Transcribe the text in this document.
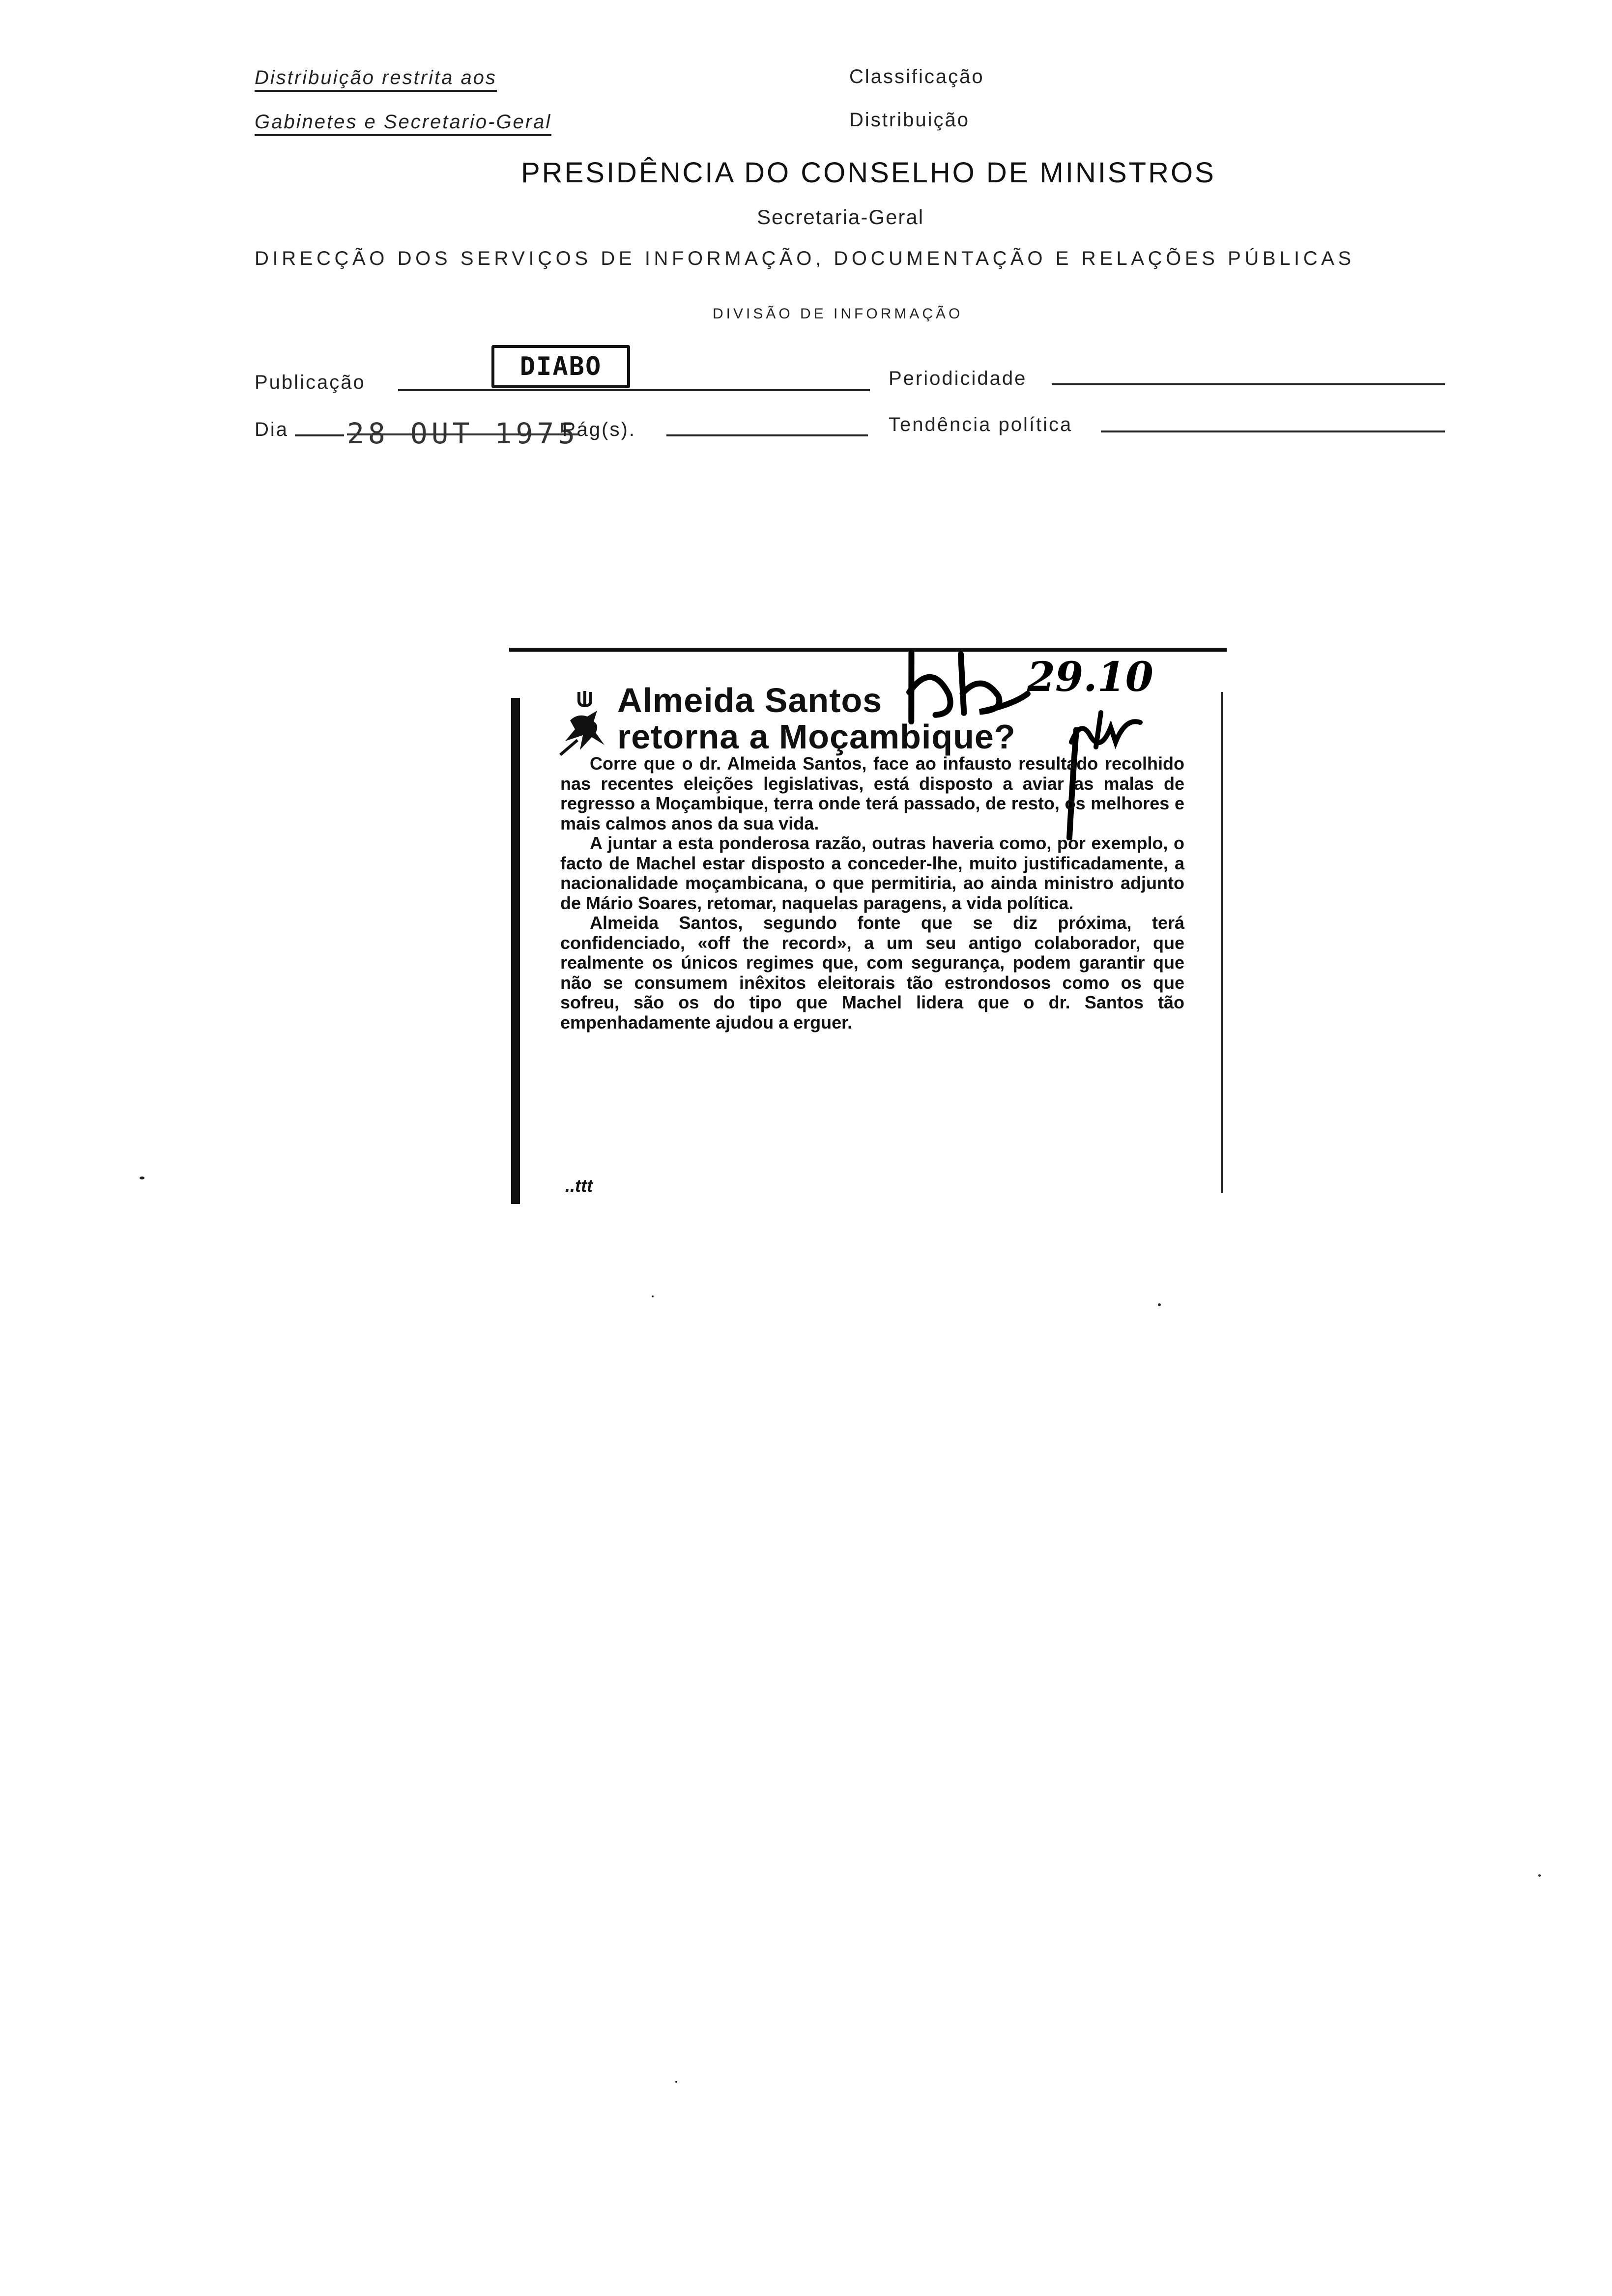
Distribuição restrita aos
Gabinetes e Secretario-Geral
Classificação
Distribuição
PRESIDÊNCIA DO CONSELHO DE MINISTROS
Secretaria-Geral
DIRECÇÃO DOS SERVIÇOS DE INFORMAÇÃO, DOCUMENTAÇÃO E RELAÇÕES PÚBLICAS
DIVISÃO DE INFORMAÇÃO
Publicação
DIABO	Periodicidade
Dia 28 OUT 1975
Pág(s).	Tendência política
Almeida Santos
retorna a Moçambique?
29.10

Corre que o dr. Almeida Santos, face ao infausto resultado recolhido nas recentes eleições legislativas, está disposto a aviar as malas de regresso a Moçambique, terra onde terá passado, de resto, os melhores e mais calmos anos da sua vida.

A juntar a esta ponderosa razão, outras haveria como, por exemplo, o facto de Machel estar disposto a conceder-lhe, muito justificadamente, a nacionalidade moçambicana, o que permitiria, ao ainda ministro adjunto de Mário Soares, retomar, naquelas paragens, a vida política.

Almeida Santos, segundo fonte que se diz próxima, terá confidenciado, «off the record», a um seu antigo colaborador, que realmente os únicos regimes que, com segurança, podem garantir que não se consumem inêxitos eleitorais tão estrondosos como os que sofreu, são os do tipo que Machel lidera que o dr. Santos tão empenhadamente ajudou a erguer.

..ttt
